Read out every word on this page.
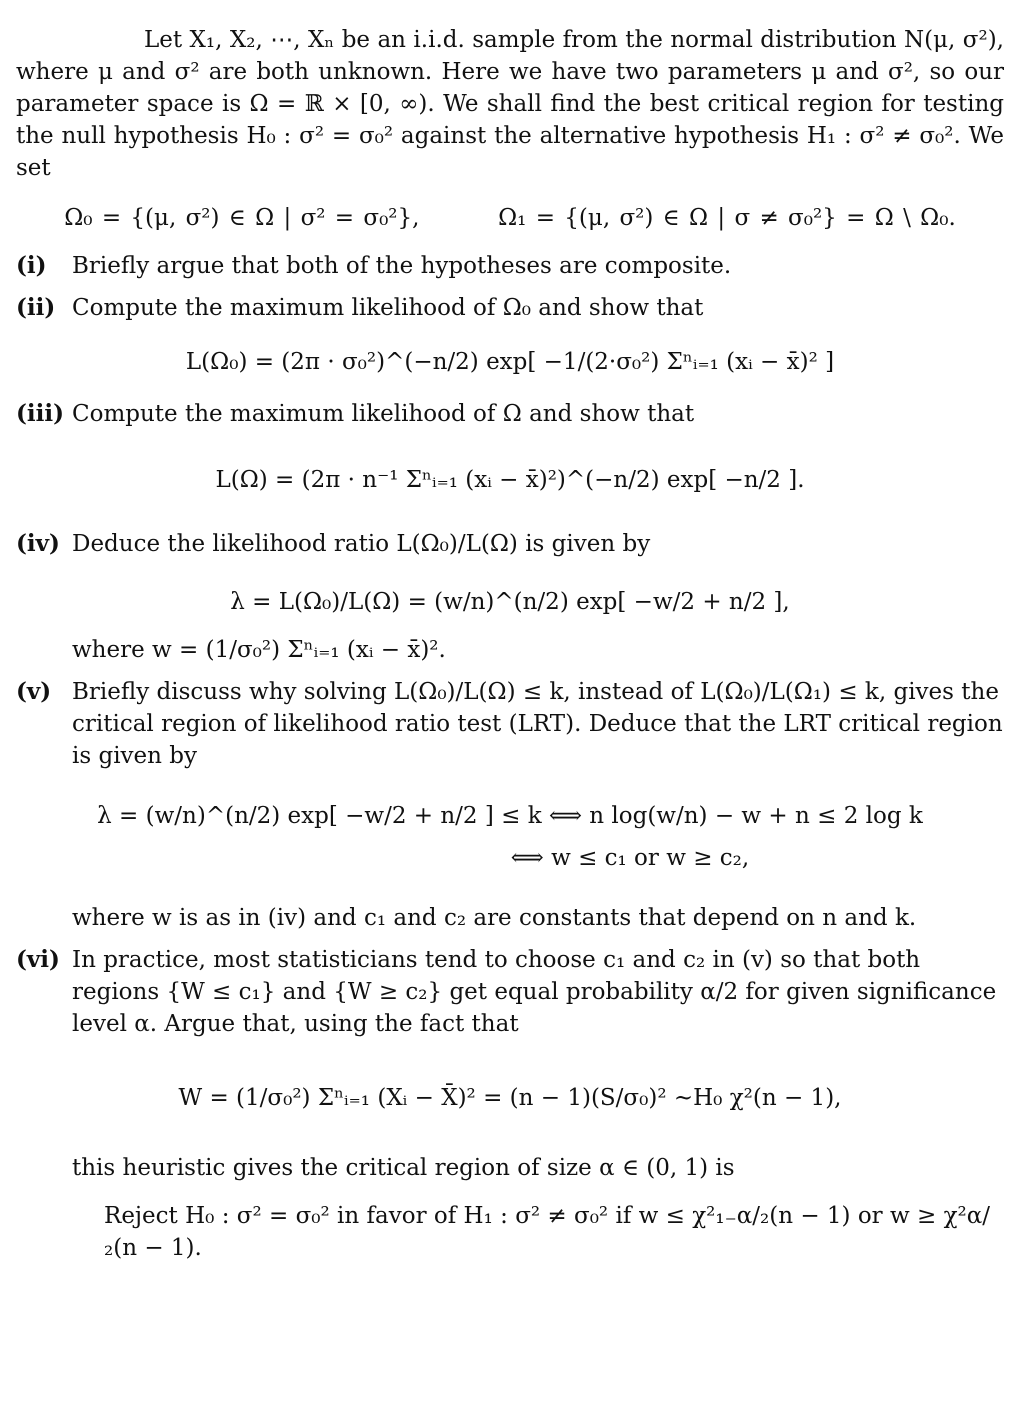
Let X₁, X₂, ⋯, Xₙ be an i.i.d. sample from the normal distribution N(μ, σ²), where μ and σ² are both unknown. Here we have two parameters μ and σ², so our parameter space is Ω = ℝ × [0, ∞). We shall find the best critical region for testing the null hypothesis H₀ : σ² = σ₀² against the alternative hypothesis H₁ : σ² ≠ σ₀². We set

Ω₀ = {(μ, σ²) ∈ Ω | σ² = σ₀²},	Ω₁ = {(μ, σ²) ∈ Ω | σ ≠ σ₀²} = Ω \ Ω₀.
(i) Briefly argue that both of the hypotheses are composite.
(ii) Compute the maximum likelihood of Ω₀ and show that
L(Ω₀) = (2π · σ₀²)^(−n/2) exp[ −1/(2·σ₀²) Σⁿᵢ₌₁ (xᵢ − x̄)² ]
(iii) Compute the maximum likelihood of Ω and show that
L(Ω) = (2π · n⁻¹ Σⁿᵢ₌₁ (xᵢ − x̄)²)^(−n/2) exp[ −n/2 ].
(iv) Deduce the likelihood ratio L(Ω₀)/L(Ω) is given by
λ = L(Ω₀)/L(Ω) = (w/n)^(n/2) exp[ −w/2 + n/2 ],

where w = (1/σ₀²) Σⁿᵢ₌₁ (xᵢ − x̄)².

(v) Briefly discuss why solving L(Ω₀)/L(Ω) ≤ k, instead of L(Ω₀)/L(Ω₁) ≤ k, gives the critical region of likelihood ratio test (LRT). Deduce that the LRT critical region is given by
λ = (w/n)^(n/2) exp[ −w/2 + n/2 ] ≤ k ⟺ n log(w/n) − w + n ≤ 2 log k
⟺ w ≤ c₁ or w ≥ c₂,

where w is as in (iv) and c₁ and c₂ are constants that depend on n and k.

(vi) In practice, most statisticians tend to choose c₁ and c₂ in (v) so that both regions {W ≤ c₁} and {W ≥ c₂} get equal probability α/2 for given significance level α. Argue that, using the fact that
W = (1/σ₀²) Σⁿᵢ₌₁ (Xᵢ − X̄)² = (n − 1)(S/σ₀)² ~H₀ χ²(n − 1),

this heuristic gives the critical region of size α ∈ (0, 1) is

Reject H₀ : σ² = σ₀² in favor of H₁ : σ² ≠ σ₀² if w ≤ χ²₁₋α/₂(n − 1) or w ≥ χ²α/₂(n − 1).
